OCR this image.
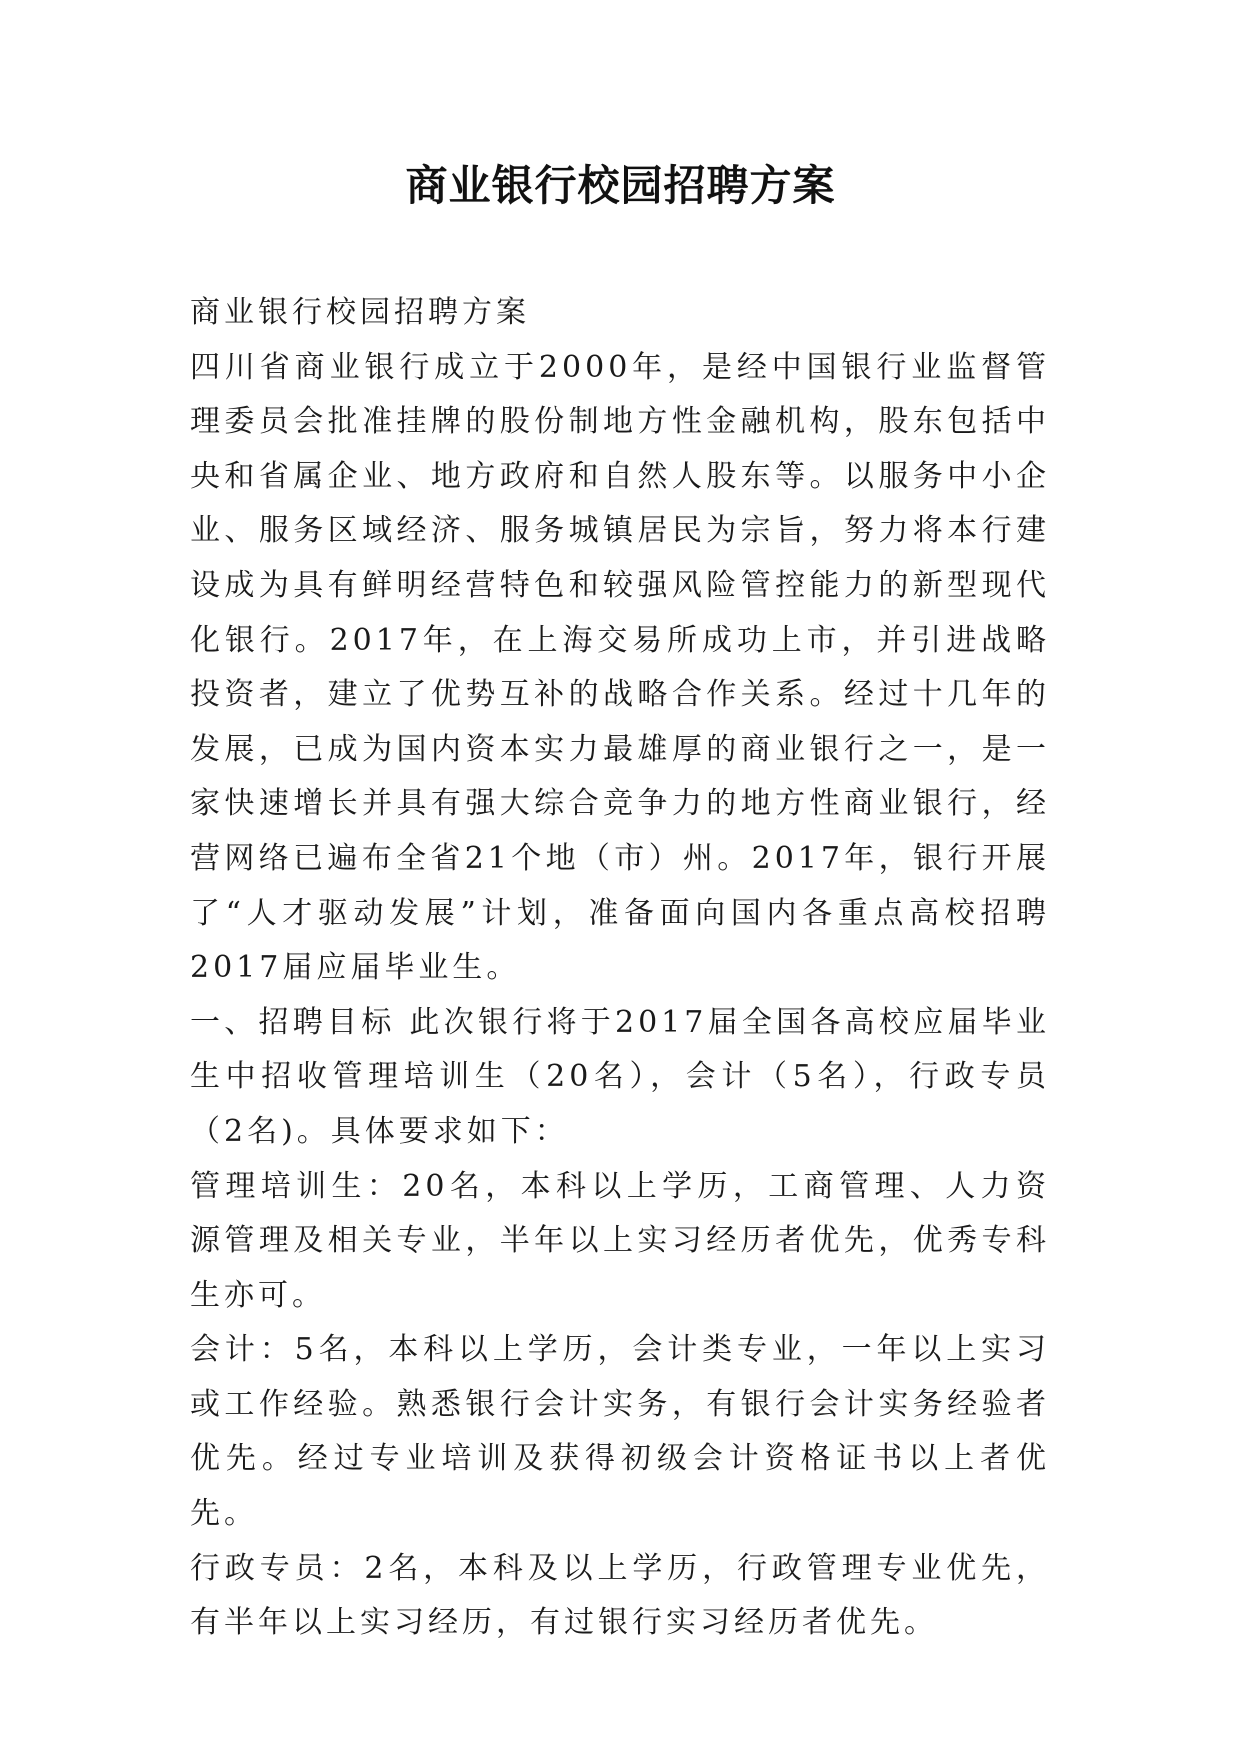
商业银行校园招聘方案

商业银行校园招聘方案

四川省商业银行成立于2000年，是经中国银行业监督管理委员会批准挂牌的股份制地方性金融机构，股东包括中央和省属企业、地方政府和自然人股东等。以服务中小企业、服务区域经济、服务城镇居民为宗旨，努力将本行建设成为具有鲜明经营特色和较强风险管控能力的新型现代化银行。2017年，在上海交易所成功上市，并引进战略投资者，建立了优势互补的战略合作关系。经过十几年的发展，已成为国内资本实力最雄厚的商业银行之一，是一家快速增长并具有强大综合竞争力的地方性商业银行，经营网络已遍布全省21个地（市）州。2017年，银行开展了“人才驱动发展”计划，准备面向国内各重点高校招聘2017届应届毕业生。

一、招聘目标 此次银行将于2017届全国各高校应届毕业生中招收管理培训生（20名），会计（5名），行政专员（2名)。具体要求如下：

管理培训生：20名，本科以上学历，工商管理、人力资源管理及相关专业，半年以上实习经历者优先，优秀专科生亦可。

会计：5名，本科以上学历，会计类专业，一年以上实习或工作经验。熟悉银行会计实务，有银行会计实务经验者优先。经过专业培训及获得初级会计资格证书以上者优先。

行政专员：2名，本科及以上学历，行政管理专业优先，有半年以上实习经历，有过银行实习经历者优先。
